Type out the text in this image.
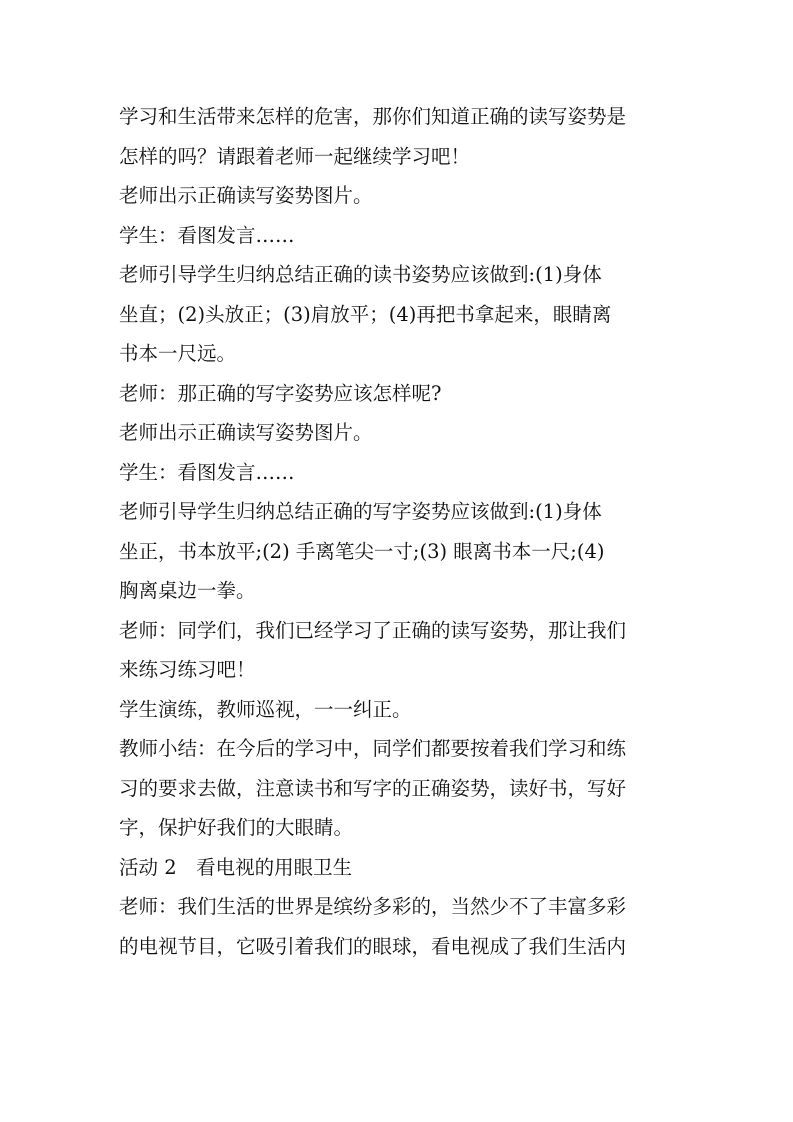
学习和生活带来怎样的危害，那你们知道正确的读写姿势是
怎样的吗？请跟着老师一起继续学习吧！
老师出示正确读写姿势图片。
学生：看图发言……
老师引导学生归纳总结正确的读书姿势应该做到:(1)身体
坐直；(2)头放正；(3)肩放平；(4)再把书拿起来，眼睛离
书本一尺远。
老师：那正确的写字姿势应该怎样呢?
老师出示正确读写姿势图片。
学生：看图发言……
老师引导学生归纳总结正确的写字姿势应该做到:(1)身体
坐正，书本放平;(2) 手离笔尖一寸;(3) 眼离书本一尺;(4)
胸离桌边一拳。
老师：同学们，我们已经学习了正确的读写姿势，那让我们
来练习练习吧！
学生演练，教师巡视，一一纠正。
教师小结：在今后的学习中，同学们都要按着我们学习和练
习的要求去做，注意读书和写字的正确姿势，读好书，写好
字，保护好我们的大眼睛。
活动 2　看电视的用眼卫生
老师：我们生活的世界是缤纷多彩的，当然少不了丰富多彩
的电视节目，它吸引着我们的眼球，看电视成了我们生活内
